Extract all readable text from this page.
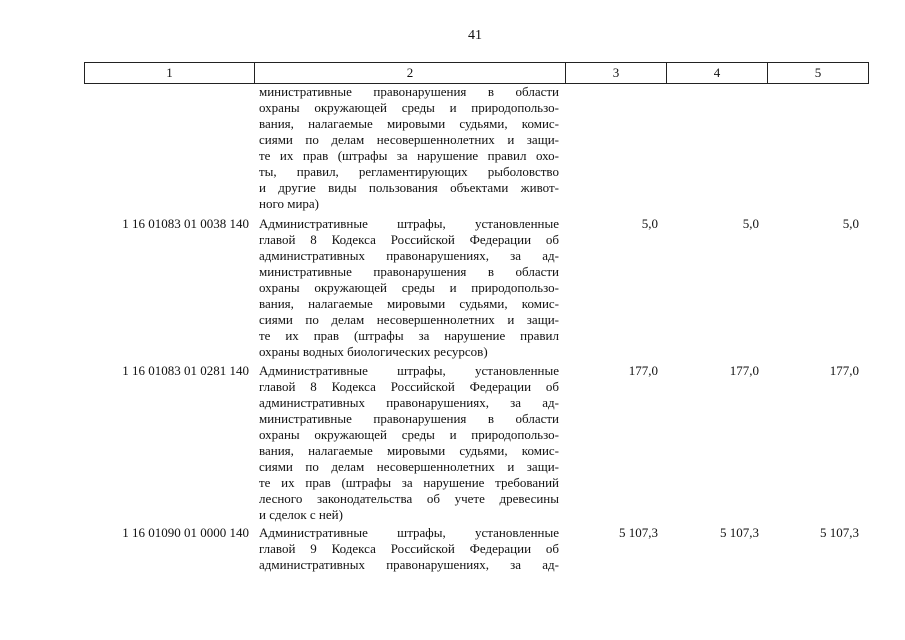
41
1	2	3	4	5
министративные правонарушения в области
охраны окружающей среды и природопользо-
вания, налагаемые мировыми судьями, комис-
сиями по делам несовершеннолетних и защи-
те их прав (штрафы за нарушение правил охо-
ты, правил, регламентирующих рыболовство
и другие виды пользования объектами живот-
ного мира)
1 16 01083 01 0038 140 Административные штрафы, установленные
главой 8 Кодекса Российской Федерации об
административных правонарушениях, за ад-
министративные правонарушения в области
охраны окружающей среды и природопользо-
вания, налагаемые мировыми судьями, комис-
сиями по делам несовершеннолетних и защи-
те их прав (штрафы за нарушение правил
охраны водных биологических ресурсов)
5,0	5,0	5,0
1 16 01083 01 0281 140 Административные штрафы, установленные
главой 8 Кодекса Российской Федерации об
административных правонарушениях, за ад-
министративные правонарушения в области
охраны окружающей среды и природопользо-
вания, налагаемые мировыми судьями, комис-
сиями по делам несовершеннолетних и защи-
те их прав (штрафы за нарушение требований
лесного законодательства об учете древесины
и сделок с ней)
177,0	177,0	177,0
1 16 01090 01 0000 140 Административные штрафы, установленные
главой 9 Кодекса Российской Федерации об
административных правонарушениях, за ад-
5 107,3	5 107,3	5 107,3
